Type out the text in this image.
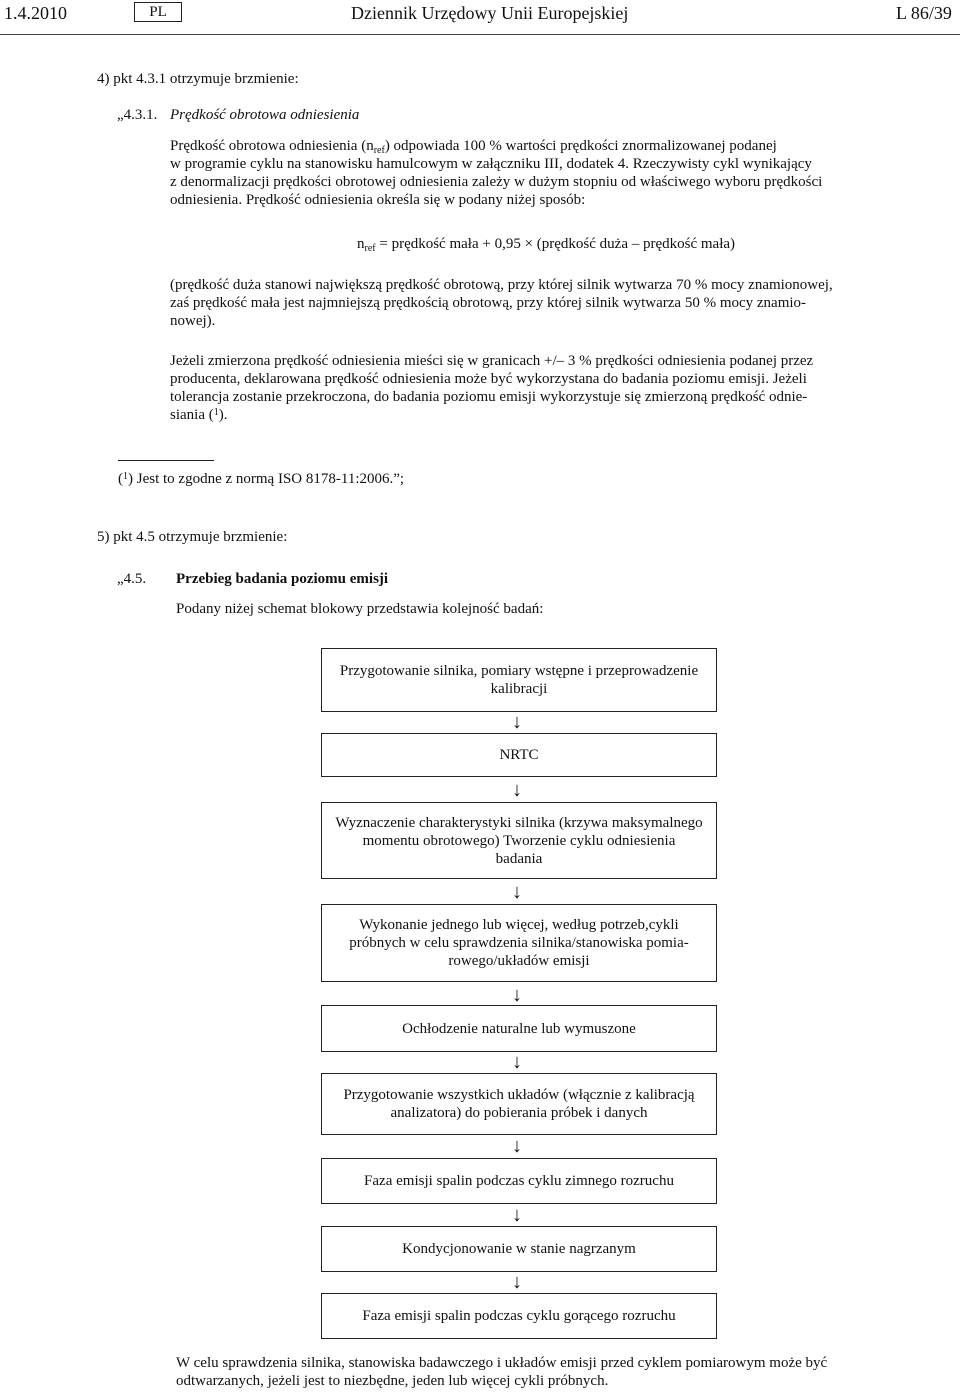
1.4.2010	PL	Dziennik Urzędowy Unii Europejskiej	L 86/39
4) pkt 4.3.1 otrzymuje brzmienie:
„4.3.1. Prędkość obrotowa odniesienia
Prędkość obrotowa odniesienia $(n_{ref})$ odpowiada 100 % wartości prędkości znormalizowanej podanej
w programie cyklu na stanowisku hamulcowym w załączniku III, dodatek 4. Rzeczywisty cykl wynikający
z denormalizacji prędkości obrotowej odniesienia zależy w dużym stopniu od właściwego wyboru prędkości
odniesienia. Prędkość odniesienia określa się w podany niżej sposób:
$n_{ref}$ = prędkość mała + 0,95 × (prędkość duża – prędkość mała)
(prędkość duża stanowi największą prędkość obrotową, przy której silnik wytwarza 70 % mocy znamionowej,
zaś prędkość mała jest najmniejszą prędkością obrotową, przy której silnik wytwarza 50 % mocy znamio-
nowej).
Jeżeli zmierzona prędkość odniesienia mieści się w granicach +/– 3 % prędkości odniesienia podanej przez
producenta, deklarowana prędkość odniesienia może być wykorzystana do badania poziomu emisji. Jeżeli
tolerancja zostanie przekroczona, do badania poziomu emisji wykorzystuje się zmierzoną prędkość odnie-
siania ($^1$).
($^1$) Jest to zgodne z normą ISO 8178-11:2006.”;
5) pkt 4.5 otrzymuje brzmienie:
„4.5. Przebieg badania poziomu emisji
Podany niżej schemat blokowy przedstawia kolejność badań:
Przygotowanie silnika, pomiary wstępne i przeprowadzenie
kalibracji
↓
NRTC
↓
Wyznaczenie charakterystyki silnika (krzywa maksymalnego
momentu obrotowego) Tworzenie cyklu odniesienia
badania
↓
Wykonanie jednego lub więcej, według potrzeb,cykli
próbnych w celu sprawdzenia silnika/stanowiska pomia-
rowego/układów emisji
↓
Ochłodzenie naturalne lub wymuszone
↓
Przygotowanie wszystkich układów (włącznie z kalibracją
analizatora) do pobierania próbek i danych
↓
Faza emisji spalin podczas cyklu zimnego rozruchu
↓
Kondycjonowanie w stanie nagrzanym
↓
Faza emisji spalin podczas cyklu gorącego rozruchu
W celu sprawdzenia silnika, stanowiska badawczego i układów emisji przed cyklem pomiarowym może być
odtwarzanych, jeżeli jest to niezbędne, jeden lub więcej cykli próbnych.
